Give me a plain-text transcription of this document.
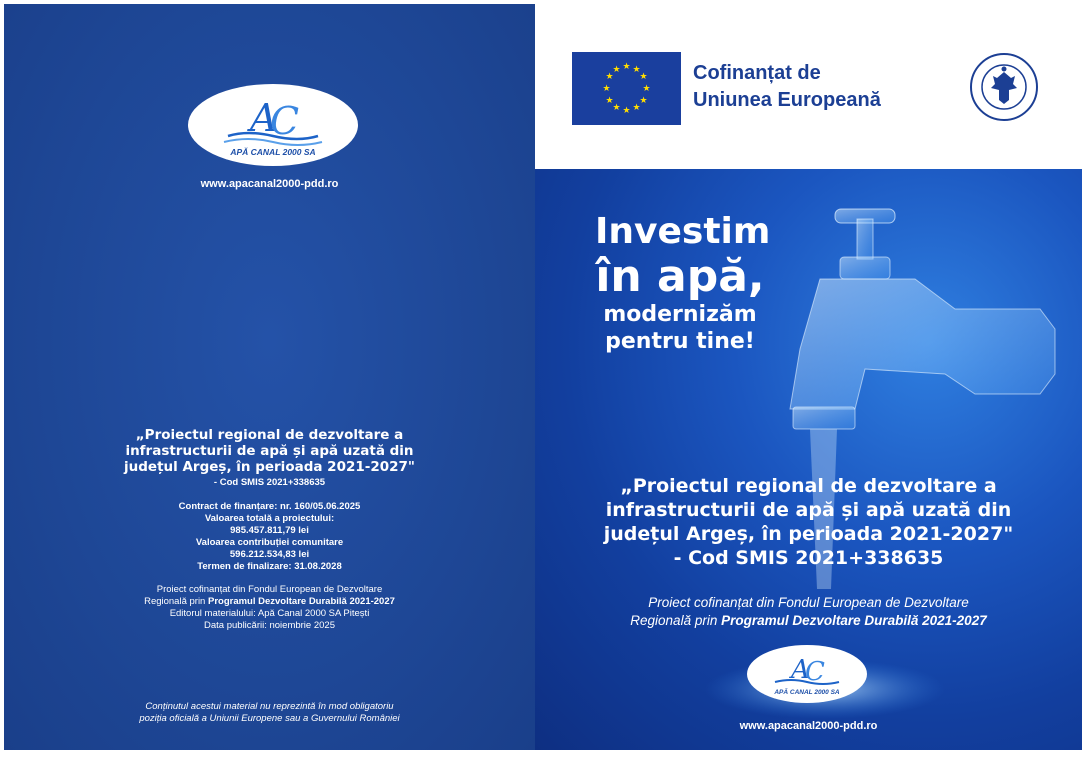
A
C
APĂ CANAL 2000 SA
www.apacanal2000-pdd.ro
„Proiectul regional de dezvoltare a
infrastructurii de apă și apă uzată din
județul Argeș, în perioada 2021-2027"
- Cod SMIS 2021+338635
Contract de finanțare: nr. 160/05.06.2025
Valoarea totală a proiectului:
985.457.811,79 lei
Valoarea contribuției comunitare
596.212.534,83 lei
Termen de finalizare: 31.08.2028
Proiect cofinanțat din Fondul European de Dezvoltare
Regională prin Programul Dezvoltare Durabilă 2021-2027
Editorul materialului: Apă Canal 2000 SA Pitești
Data publicării: noiembrie 2025
Conținutul acestui material nu reprezintă în mod obligatoriu
poziția oficială a Uniunii Europene sau a Guvernului României
★ ★
★
★
★
★
★
★
★
★
★
★	Cofinanțat de
Uniunea Europeană
Investim
în apă,
modernizăm
pentru tine!
„Proiectul regional de dezvoltare a
infrastructurii de apă și apă uzată din
județul Argeș, în perioada 2021-2027"
- Cod SMIS 2021+338635
Proiect cofinanțat din Fondul European de Dezvoltare
Regională prin Programul Dezvoltare Durabilă 2021-2027
A
C
APĂ CANAL 2000 SA
www.apacanal2000-pdd.ro
